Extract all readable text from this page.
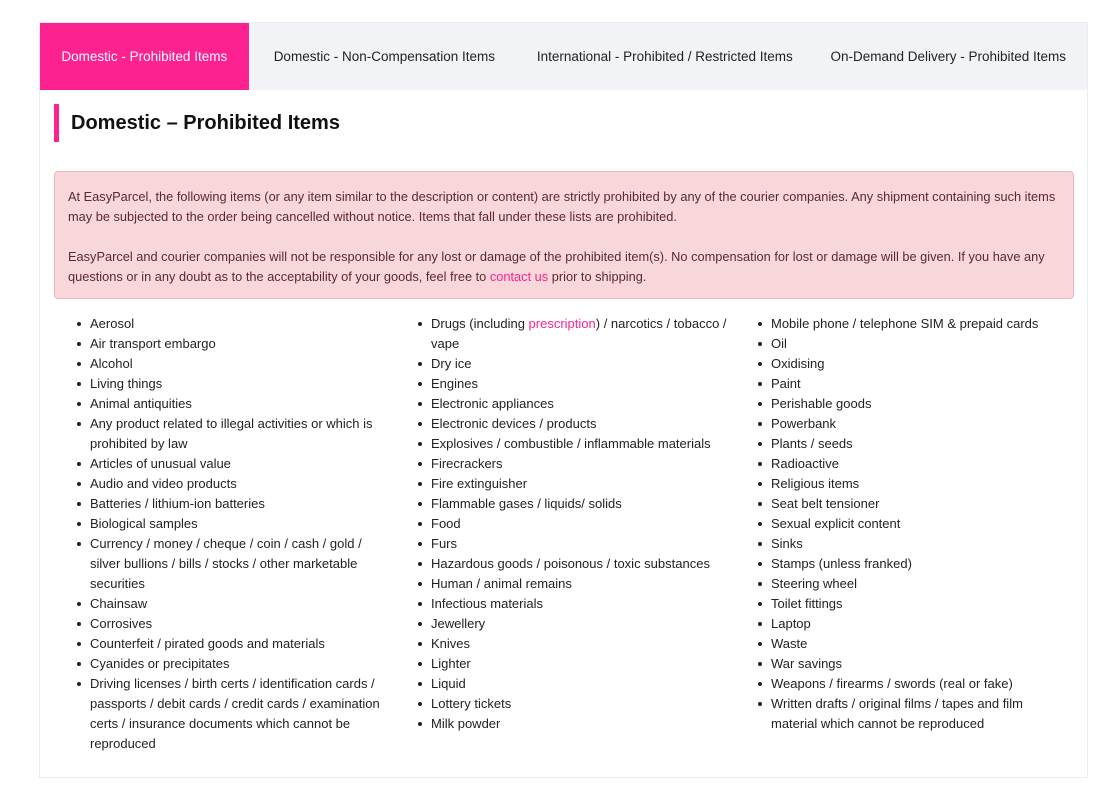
Domestic - Prohibited Items	Domestic - Non-Compensation Items	International - Prohibited / Restricted Items	On-Demand Delivery - Prohibited Items
Domestic – Prohibited Items

At EasyParcel, the following items (or any item similar to the description or content) are strictly prohibited by any of the courier companies. Any shipment containing such items may be subjected to the order being cancelled without notice. Items that fall under these lists are prohibited.

EasyParcel and courier companies will not be responsible for any lost or damage of the prohibited item(s). No compensation for lost or damage will be given. If you have any questions or in any doubt as to the acceptability of your goods, feel free to contact us prior to shipping.

Aerosol
Air transport embargo
Alcohol
Living things
Animal antiquities
Any product related to illegal activities or which is prohibited by law
Articles of unusual value
Audio and video products
Batteries / lithium-ion batteries
Biological samples
Currency / money / cheque / coin / cash / gold / silver bullions / bills / stocks / other marketable securities
Chainsaw
Corrosives
Counterfeit / pirated goods and materials
Cyanides or precipitates
Driving licenses / birth certs / identification cards / passports / debit cards / credit cards / examination certs / insurance documents which cannot be reproduced
Drugs (including prescription) / narcotics / tobacco / vape
Dry ice
Engines
Electronic appliances
Electronic devices / products
Explosives / combustible / inflammable materials
Firecrackers
Fire extinguisher
Flammable gases / liquids/ solids
Food
Furs
Hazardous goods / poisonous / toxic substances
Human / animal remains
Infectious materials
Jewellery
Knives
Lighter
Liquid
Lottery tickets
Milk powder
Mobile phone / telephone SIM & prepaid cards
Oil
Oxidising
Paint
Perishable goods
Powerbank
Plants / seeds
Radioactive
Religious items
Seat belt tensioner
Sexual explicit content
Sinks
Stamps (unless franked)
Steering wheel
Toilet fittings
Laptop
Waste
War savings
Weapons / firearms / swords (real or fake)
Written drafts / original films / tapes and film material which cannot be reproduced
